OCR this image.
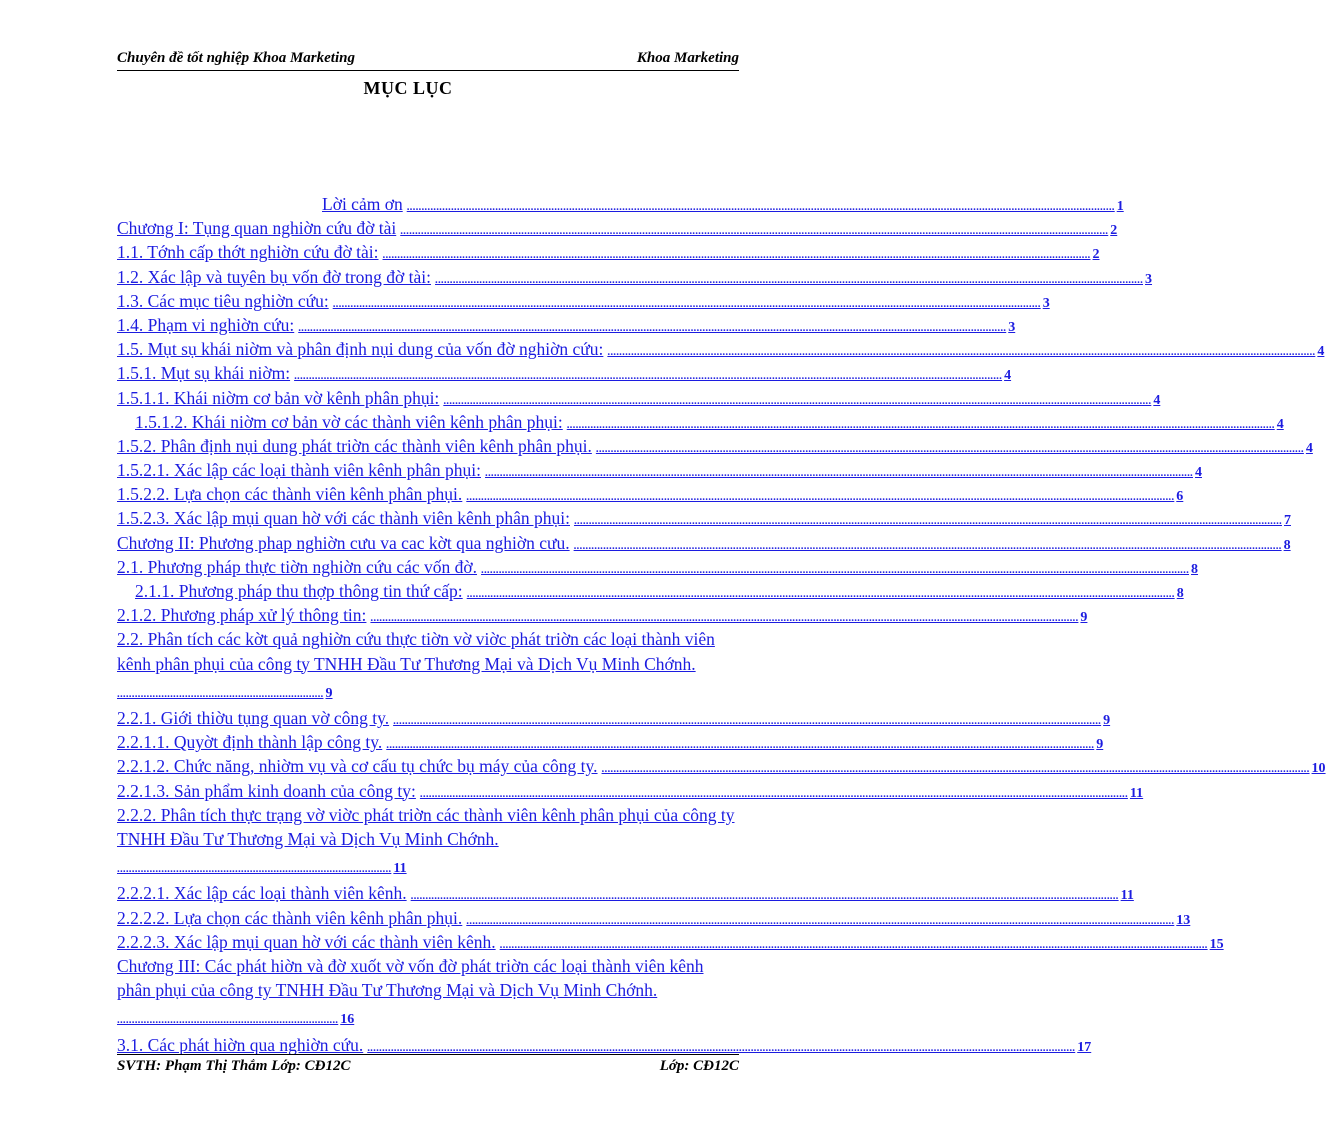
Chuyên đề tốt nghiệp Khoa Marketing	Khoa Marketing
MỤC LỤC
Lời cảm ơn ................................................................................................................................................................................................................................................ 1
Chương I: Tụng quan nghiờn cứu đờ tài ................................................................................................................................................................................................................................................ 2
1.1. Tớnh cấp thớt nghiờn cứu đờ tài: ................................................................................................................................................................................................................................................ 2
1.2. Xác lập và tuyên bụ vốn đờ trong đờ tài: ................................................................................................................................................................................................................................................ 3
1.3. Các mục tiêu nghiờn cứu: ................................................................................................................................................................................................................................................ 3
1.4. Phạm vi nghiờn cứu: ................................................................................................................................................................................................................................................ 3
1.5. Mụt sụ khái niờm và phân định nụi dung của vốn đờ nghiờn cứu: ................................................................................................................................................................................................................................................ 4
1.5.1. Mụt sụ khái niờm: ................................................................................................................................................................................................................................................ 4
1.5.1.1. Khái niờm cơ bản vờ kênh phân phụi: ................................................................................................................................................................................................................................................ 4
1.5.1.2. Khái niờm cơ bản vờ các thành viên kênh phân phụi: ................................................................................................................................................................................................................................................ 4
1.5.2. Phân định nụi dung phát triờn các thành viên kênh phân phụi. ................................................................................................................................................................................................................................................ 4
1.5.2.1. Xác lập các loại thành viên kênh phân phụi: ................................................................................................................................................................................................................................................ 4
1.5.2.2. Lựa chọn các thành viên kênh phân phụi. ................................................................................................................................................................................................................................................ 6
1.5.2.3. Xác lập mụi quan hờ với các thành viên kênh phân phụi: ................................................................................................................................................................................................................................................ 7
Chương II: Phương phap nghiờn cưu va cac kờt qua nghiờn cưu. ................................................................................................................................................................................................................................................ 8
2.1. Phương pháp thực tiờn nghiờn cứu các vốn đờ. ................................................................................................................................................................................................................................................ 8
2.1.1. Phương pháp thu thợp thông tin thứ cấp: ................................................................................................................................................................................................................................................ 8
2.1.2. Phương pháp xử lý thông tin: ................................................................................................................................................................................................................................................ 9
2.2. Phân tích các kờt quả nghiờn cứu thực tiờn vờ viờc phát triờn các loại thành viên kênh phân phụi của công ty TNHH Đầu Tư Thương Mại và Dịch Vụ Minh Chớnh. ...................................................................... 9
2.2.1. Giới thiờu tụng quan vờ công ty. ................................................................................................................................................................................................................................................ 9
2.2.1.1. Quyờt định thành lập công ty. ................................................................................................................................................................................................................................................ 9
2.2.1.2. Chức năng, nhiờm vụ và cơ cấu tụ chức bụ máy của công ty. ................................................................................................................................................................................................................................................ 10
2.2.1.3. Sản phẩm kinh doanh của công ty: ................................................................................................................................................................................................................................................ 11
2.2.2. Phân tích thực trạng vờ viờc phát triờn các thành viên kênh phân phụi của công ty TNHH Đầu Tư Thương Mại và Dịch Vụ Minh Chớnh. ............................................................................................. 11
2.2.2.1. Xác lập các loại thành viên kênh. ................................................................................................................................................................................................................................................ 11
2.2.2.2. Lựa chọn các thành viên kênh phân phụi. ................................................................................................................................................................................................................................................ 13
2.2.2.3. Xác lập mụi quan hờ với các thành viên kênh. ................................................................................................................................................................................................................................................ 15
Chương III: Các phát hiờn và đờ xuốt vờ vốn đờ phát triờn các loại thành viên kênh phân phụi của công ty TNHH Đầu Tư Thương Mại và Dịch Vụ Minh Chớnh. ........................................................................... 16
3.1. Các phát hiờn qua nghiờn cứu. ................................................................................................................................................................................................................................................ 17
SVTH: Phạm Thị Thắm Lớp: CĐ12C	Lớp: CĐ12C
